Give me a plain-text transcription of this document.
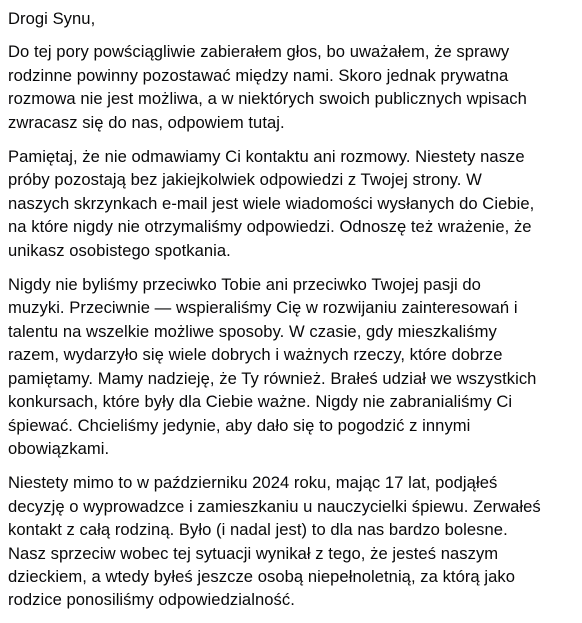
Drogi Synu,

Do tej pory powściągliwie zabierałem głos, bo uważałem, że sprawy
rodzinne powinny pozostawać między nami. Skoro jednak prywatna
rozmowa nie jest możliwa, a w niektórych swoich publicznych wpisach
zwracasz się do nas, odpowiem tutaj.

Pamiętaj, że nie odmawiamy Ci kontaktu ani rozmowy. Niestety nasze
próby pozostają bez jakiejkolwiek odpowiedzi z Twojej strony. W
naszych skrzynkach e-mail jest wiele wiadomości wysłanych do Ciebie,
na które nigdy nie otrzymaliśmy odpowiedzi. Odnoszę też wrażenie, że
unikasz osobistego spotkania.

Nigdy nie byliśmy przeciwko Tobie ani przeciwko Twojej pasji do
muzyki. Przeciwnie — wspieraliśmy Cię w rozwijaniu zainteresowań i
talentu na wszelkie możliwe sposoby. W czasie, gdy mieszkaliśmy
razem, wydarzyło się wiele dobrych i ważnych rzeczy, które dobrze
pamiętamy. Mamy nadzieję, że Ty również. Brałeś udział we wszystkich
konkursach, które były dla Ciebie ważne. Nigdy nie zabranialiśmy Ci
śpiewać. Chcieliśmy jedynie, aby dało się to pogodzić z innymi
obowiązkami.

Niestety mimo to w październiku 2024 roku, mając 17 lat, podjąłeś
decyzję o wyprowadzce i zamieszkaniu u nauczycielki śpiewu. Zerwałeś
kontakt z całą rodziną. Było (i nadal jest) to dla nas bardzo bolesne.
Nasz sprzeciw wobec tej sytuacji wynikał z tego, że jesteś naszym
dzieckiem, a wtedy byłeś jeszcze osobą niepełnoletnią, za którą jako
rodzice ponosiliśmy odpowiedzialność.
